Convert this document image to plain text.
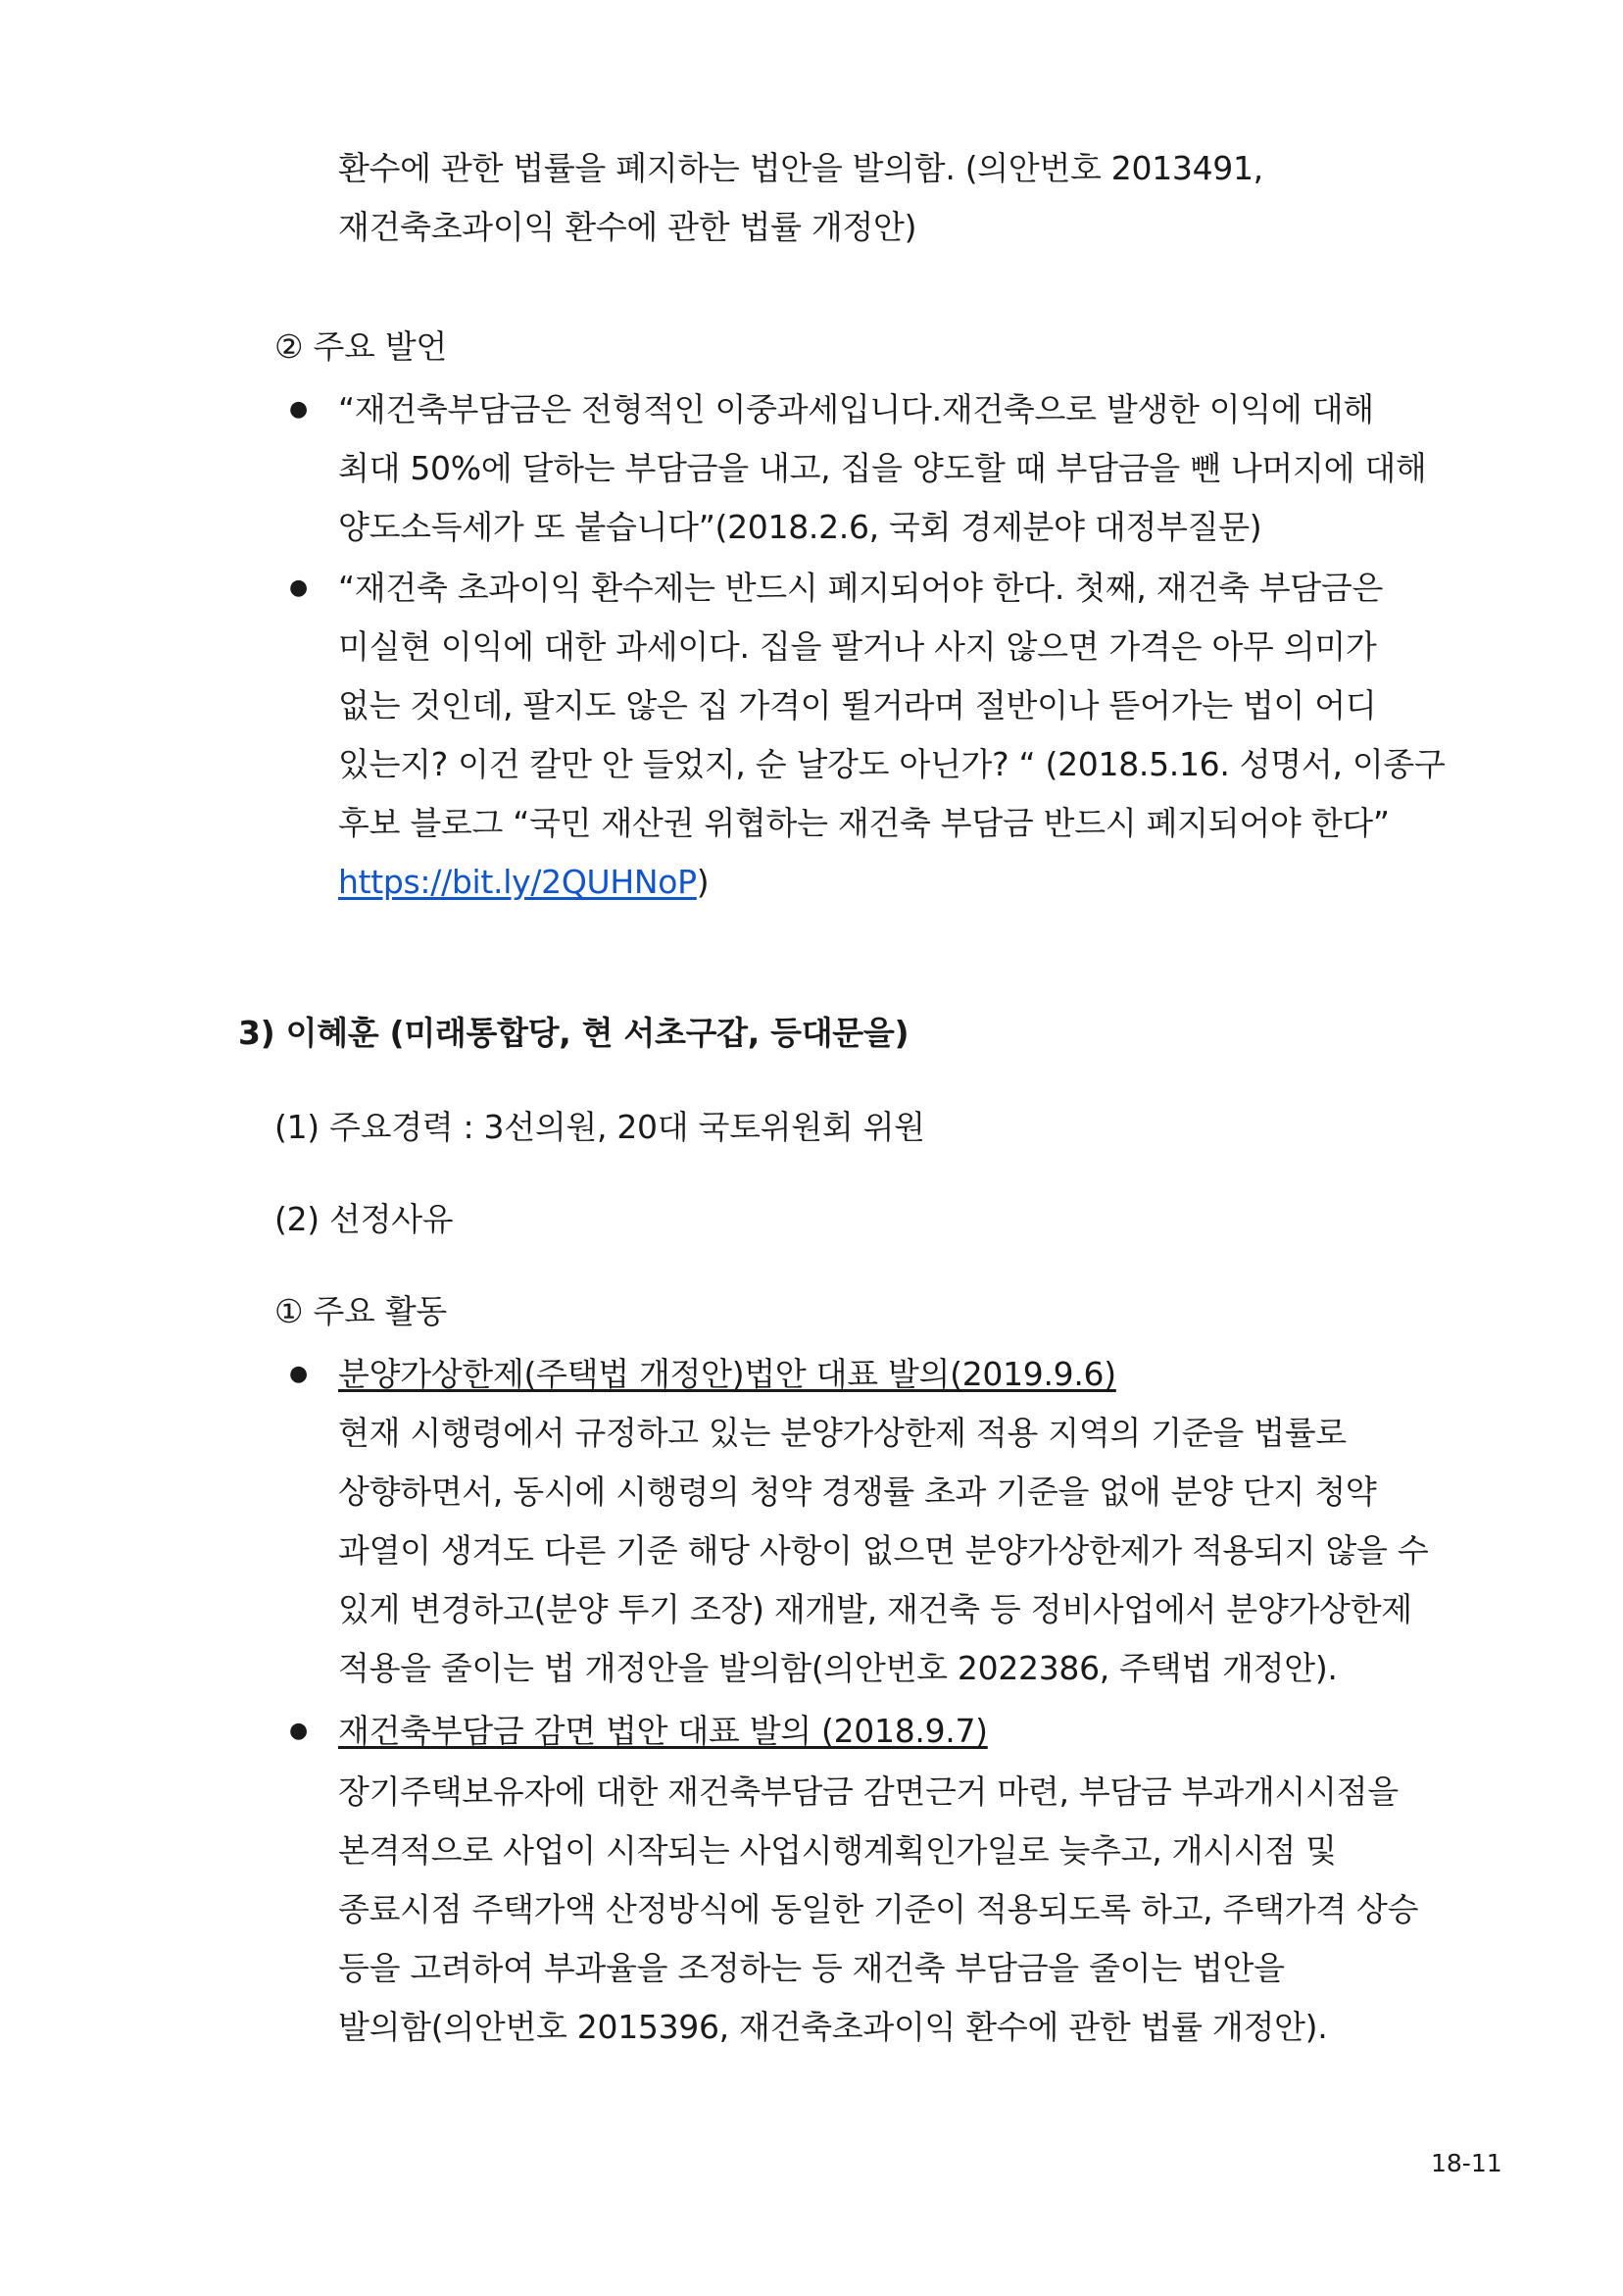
환수에 관한 법률을 폐지하는 법안을 발의함. (의안번호 2013491,
재건축초과이익 환수에 관한 법률 개정안)
② 주요 발언
● “재건축부담금은 전형적인 이중과세입니다.재건축으로 발생한 이익에 대해
최대 50%에 달하는 부담금을 내고, 집을 양도할 때 부담금을 뺀 나머지에 대해
양도소득세가 또 붙습니다”(2018.2.6, 국회 경제분야 대정부질문)
● “재건축 초과이익 환수제는 반드시 폐지되어야 한다. 첫째, 재건축 부담금은
미실현 이익에 대한 과세이다. 집을 팔거나 사지 않으면 가격은 아무 의미가
없는 것인데, 팔지도 않은 집 가격이 뛸거라며 절반이나 뜯어가는 법이 어디
있는지? 이건 칼만 안 들었지, 순 날강도 아닌가? “ (2018.5.16. 성명서, 이종구
후보 블로그 “국민 재산권 위협하는 재건축 부담금 반드시 폐지되어야 한다”
https://bit.ly/2QUHNoP)
3) 이혜훈 (미래통합당, 현 서초구갑, 등대문을)
(1) 주요경력 : 3선의원, 20대 국토위원회 위원
(2) 선정사유
① 주요 활동
● 분양가상한제(주택법 개정안)법안 대표 발의(2019.9.6)
현재 시행령에서 규정하고 있는 분양가상한제 적용 지역의 기준을 법률로
상향하면서, 동시에 시행령의 청약 경쟁률 초과 기준을 없애 분양 단지 청약
과열이 생겨도 다른 기준 해당 사항이 없으면 분양가상한제가 적용되지 않을 수
있게 변경하고(분양 투기 조장) 재개발, 재건축 등 정비사업에서 분양가상한제
적용을 줄이는 법 개정안을 발의함(의안번호 2022386, 주택법 개정안).
● 재건축부담금 감면 법안 대표 발의 (2018.9.7)
장기주택보유자에 대한 재건축부담금 감면근거 마련, 부담금 부과개시시점을
본격적으로 사업이 시작되는 사업시행계획인가일로 늦추고, 개시시점 및
종료시점 주택가액 산정방식에 동일한 기준이 적용되도록 하고, 주택가격 상승
등을 고려하여 부과율을 조정하는 등 재건축 부담금을 줄이는 법안을
발의함(의안번호 2015396, 재건축초과이익 환수에 관한 법률 개정안).
18-11
